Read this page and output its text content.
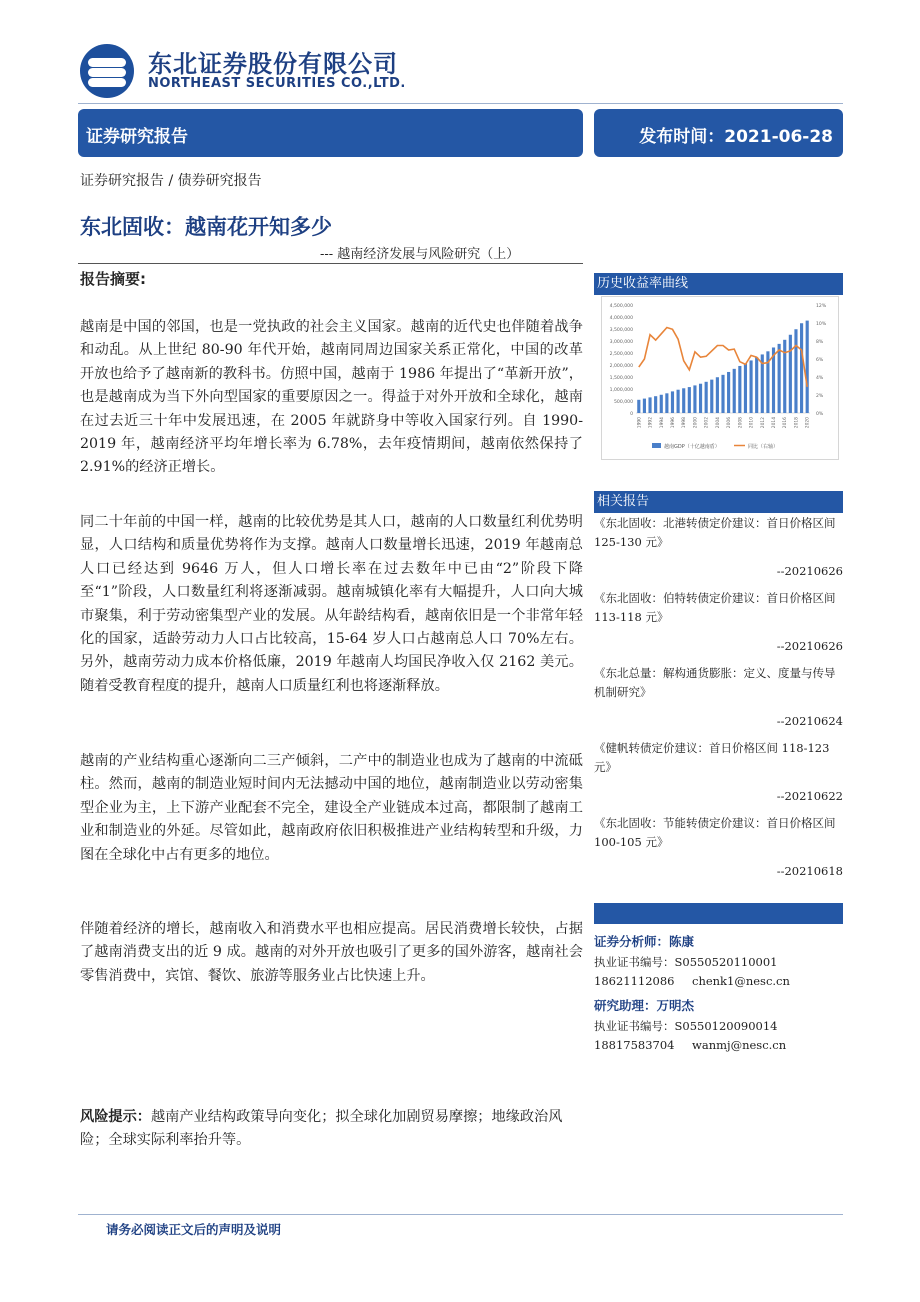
东北证券股份有限公司
NORTHEAST SECURITIES CO.,LTD.
证券研究报告	发布时间：2021-06-28
证券研究报告 / 债券研究报告
东北固收：越南花开知多少
--- 越南经济发展与风险研究（上）
报告摘要:
越南是中国的邻国，也是一党执政的社会主义国家。越南的近代史也伴随着战争和动乱。从上世纪 80-90 年代开始，越南同周边国家关系正常化，中国的改革开放也给予了越南新的教科书。仿照中国，越南于 1986 年提出了“革新开放”，也是越南成为当下外向型国家的重要原因之一。得益于对外开放和全球化，越南在过去近三十年中发展迅速，在 2005 年就跻身中等收入国家行列。自 1990-2019 年，越南经济平均年增长率为 6.78%，去年疫情期间，越南依然保持了 2.91%的经济正增长。
同二十年前的中国一样，越南的比较优势是其人口，越南的人口数量红利优势明显，人口结构和质量优势将作为支撑。越南人口数量增长迅速，2019 年越南总人口已经达到 9646 万人，但人口增长率在过去数年中已由“2”阶段下降至“1”阶段，人口数量红利将逐渐减弱。越南城镇化率有大幅提升，人口向大城市聚集，利于劳动密集型产业的发展。从年龄结构看，越南依旧是一个非常年轻化的国家，适龄劳动力人口占比较高，15-64 岁人口占越南总人口 70%左右。另外，越南劳动力成本价格低廉，2019 年越南人均国民净收入仅 2162 美元。随着受教育程度的提升，越南人口质量红利也将逐渐释放。
越南的产业结构重心逐渐向二三产倾斜，二产中的制造业也成为了越南的中流砥柱。然而，越南的制造业短时间内无法撼动中国的地位，越南制造业以劳动密集型企业为主，上下游产业配套不完全，建设全产业链成本过高，都限制了越南工业和制造业的外延。尽管如此，越南政府依旧积极推进产业结构转型和升级，力图在全球化中占有更多的地位。
伴随着经济的增长，越南收入和消费水平也相应提高。居民消费增长较快，占据了越南消费支出的近 9 成。越南的对外开放也吸引了更多的国外游客，越南社会零售消费中，宾馆、餐饮、旅游等服务业占比快速上升。
风险提示：越南产业结构政策导向变化；拟全球化加剧贸易摩擦；地缘政治风险；全球实际利率抬升等。
历史收益率曲线
4,500,000
4,000,000
3,500,000
3,000,000
2,500,000
2,000,000
1,500,000
1,000,000
500,000
0
12%
10%
8%
6%
4%
2%
0%
1990 1992 1994 1996 1998 2000 2002 2004 2006 2008 2010 2012 2014 2016 2018 2020
越南GDP（十亿越南盾）	同比（右轴）
相关报告
《东北固收：北港转债定价建议：首日价格区间 125-130 元》
--20210626
《东北固收：伯特转债定价建议：首日价格区间 113-118 元》
--20210626
《东北总量：解构通货膨胀：定义、度量与传导机制研究》
--20210624
《健帆转债定价建议：首日价格区间 118-123元》
--20210622
《东北固收：节能转债定价建议：首日价格区间 100-105 元》
--20210618
证券分析师：陈康
执业证书编号：S0550520110001
18621112086 chenk1@nesc.cn
研究助理：万明杰
执业证书编号：S0550120090014
18817583704 wanmj@nesc.cn
请务必阅读正文后的声明及说明
